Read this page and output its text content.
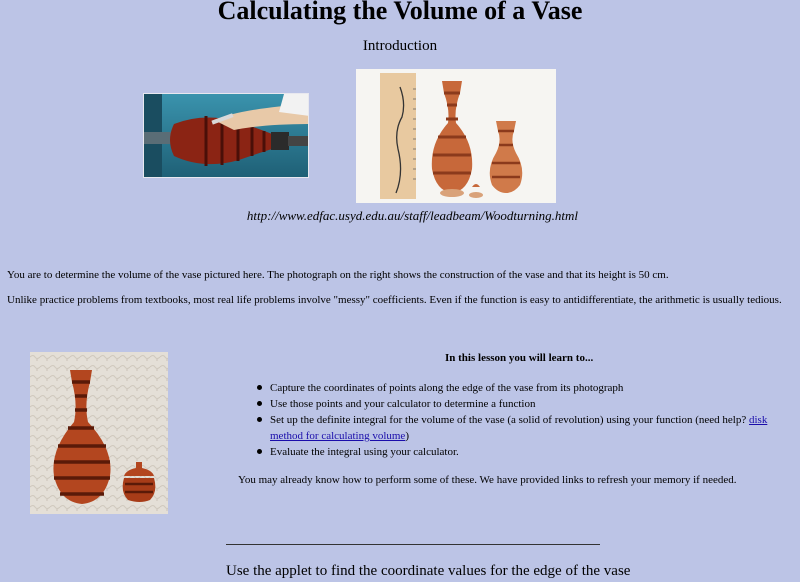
Calculating the Volume of a Vase
Introduction
http://www.edfac.usyd.edu.au/staff/leadbeam/Woodturning.html
You are to determine the volume of the vase pictured here. The photograph on the right shows the construction of the vase and that its height is 50 cm.
Unlike practice problems from textbooks, most real life problems involve "messy" coefficients. Even if the function is easy to antidifferentiate, the arithmetic is usually tedious.
In this lesson you will learn to...
Capture the coordinates of points along the edge of the vase from its photograph
Use those points and your calculator to determine a function
Set up the definite integral for the volume of the vase (a solid of revolution) using your function (need help? disk method for calculating volume)
Evaluate the integral using your calculator.
You may already know how to perform some of these. We have provided links to refresh your memory if needed.
Use the applet to find the coordinate values for the edge of the vase
